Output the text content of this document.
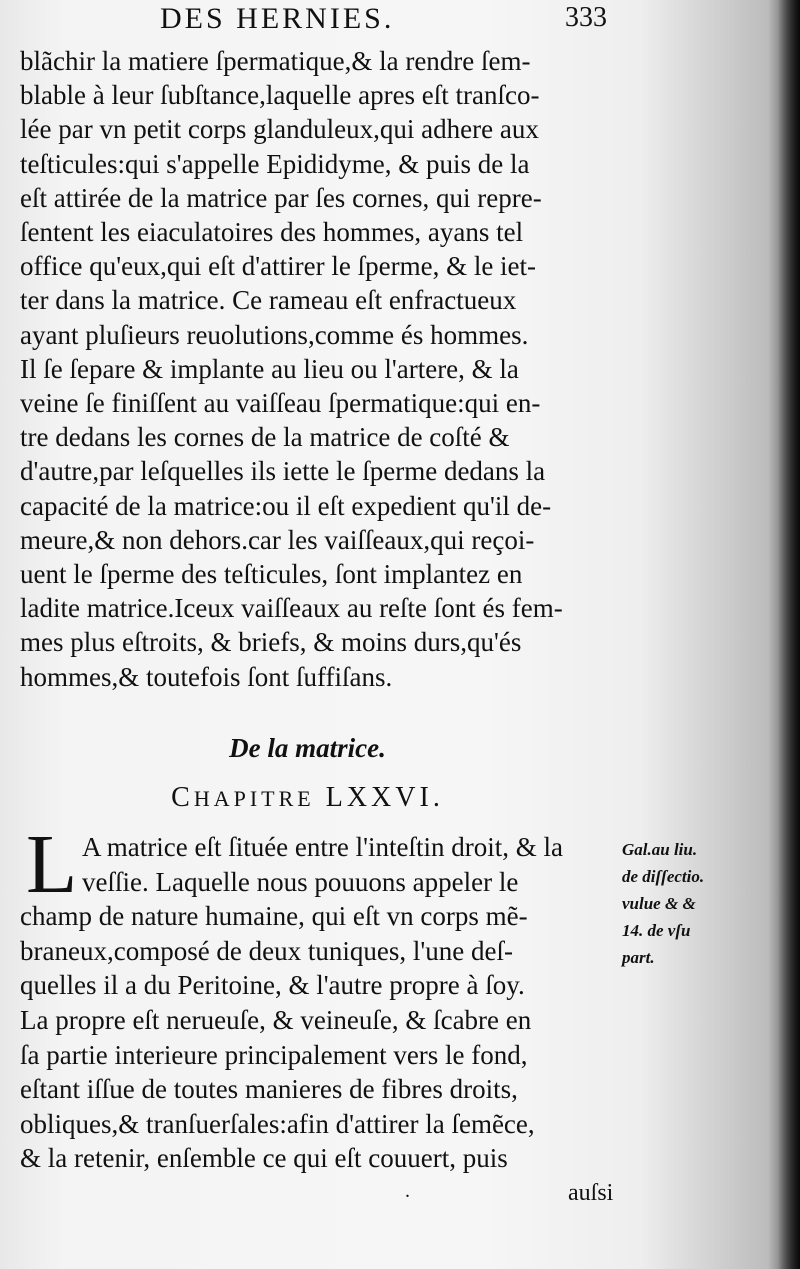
DES HERNIES.	333
blãchir la matiere ſpermatique,& la rendre ſem-
blable à leur ſubſtance,laquelle apres eſt tranſco-
lée par vn petit corps glanduleux,qui adhere aux
teſticules:qui s'appelle Epididyme, & puis de la
eſt attirée de la matrice par ſes cornes, qui repre-
ſentent les eiaculatoires des hommes, ayans tel
office qu'eux,qui eſt d'attirer le ſperme, & le iet-
ter dans la matrice. Ce rameau eſt enfractueux
ayant pluſieurs reuolutions,comme és hommes.
Il ſe ſepare & implante au lieu ou l'artere, & la
veine ſe finiſſent au vaiſſeau ſpermatique:qui en-
tre dedans les cornes de la matrice de coſté &
d'autre,par leſquelles ils iette le ſperme dedans la
capacité de la matrice:ou il eſt expedient qu'il de-
meure,& non dehors.car les vaiſſeaux,qui reçoi-
uent le ſperme des teſticules, ſont implantez en
ladite matrice.Iceux vaiſſeaux au reſte ſont és fem-
mes plus eſtroits, & briefs, & moins durs,qu'és
hommes,& toutefois ſont ſuffiſans.
De la matrice.
CHAPITRE LXXVI.
L A matrice eſt ſituée entre l'inteſtin droit, & la
veſſie. Laquelle nous pouuons appeler le
champ de nature humaine, qui eſt vn corps mẽ-
braneux,composé de deux tuniques, l'une deſ-
quelles il a du Peritoine, & l'autre propre à ſoy.
La propre eſt nerueuſe, & veineuſe, & ſcabre en
ſa partie interieure principalement vers le fond,
eſtant iſſue de toutes manieres de fibres droits,
obliques,& tranſuerſales:afin d'attirer la ſemẽce,
& la retenir, enſemble ce qui eſt couuert, puis
Gal.au liu.
de diſſectio.
vulue & &
14. de vſu
part.
.	auſsi
